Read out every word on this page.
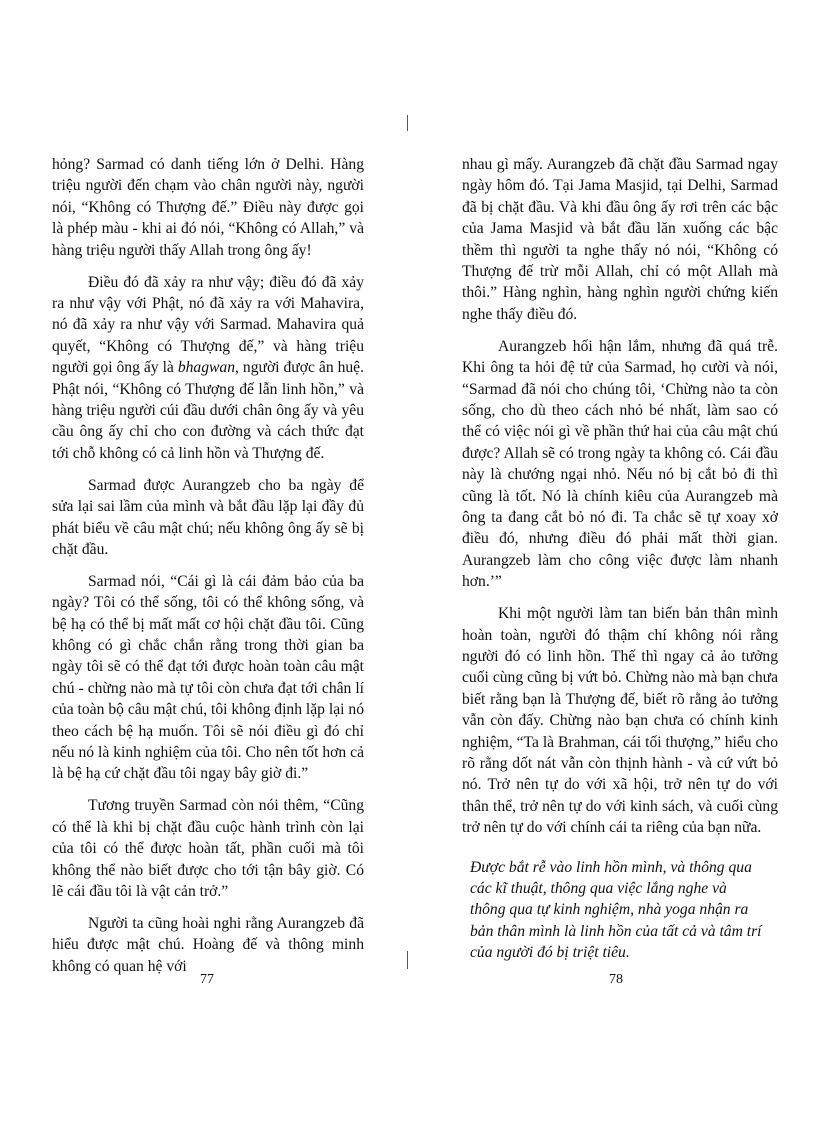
hỏng? Sarmad có danh tiếng lớn ở Delhi. Hàng triệu người đến chạm vào chân người này, người nói, “Không có Thượng đế.” Điều này được gọi là phép màu - khi ai đó nói, “Không có Allah,” và hàng triệu người thấy Allah trong ông ấy!

Điều đó đã xảy ra như vậy; điều đó đã xảy ra như vậy với Phật, nó đã xảy ra với Mahavira, nó đã xảy ra như vậy với Sarmad. Mahavira quả quyết, “Không có Thượng đế,” và hàng triệu người gọi ông ấy là bhagwan, người được ân huệ. Phật nói, “Không có Thượng đế lẫn linh hồn,” và hàng triệu người cúi đầu dưới chân ông ấy và yêu cầu ông ấy chỉ cho con đường và cách thức đạt tới chỗ không có cả linh hồn và Thượng đế.

Sarmad được Aurangzeb cho ba ngày để sửa lại sai lầm của mình và bắt đầu lặp lại đầy đủ phát biểu về câu mật chú; nếu không ông ấy sẽ bị chặt đầu.

Sarmad nói, “Cái gì là cái đảm bảo của ba ngày? Tôi có thể sống, tôi có thể không sống, và bệ hạ có thể bị mất mất cơ hội chặt đầu tôi. Cũng không có gì chắc chắn rằng trong thời gian ba ngày tôi sẽ có thể đạt tới được hoàn toàn câu mật chú - chừng nào mà tự tôi còn chưa đạt tới chân lí của toàn bộ câu mật chú, tôi không định lặp lại nó theo cách bệ hạ muốn. Tôi sẽ nói điều gì đó chỉ nếu nó là kinh nghiệm của tôi. Cho nên tốt hơn cả là bệ hạ cứ chặt đầu tôi ngay bây giờ đi.”

Tương truyền Sarmad còn nói thêm, “Cũng có thể là khi bị chặt đầu cuộc hành trình còn lại của tôi có thể được hoàn tất, phần cuối mà tôi không thể nào biết được cho tới tận bây giờ. Có lẽ cái đầu tôi là vật cản trở.”

Người ta cũng hoài nghi rằng Aurangzeb đã hiểu được mật chú. Hoàng đế và thông minh không có quan hệ với

nhau gì mấy. Aurangzeb đã chặt đầu Sarmad ngay ngày hôm đó. Tại Jama Masjid, tại Delhi, Sarmad đã bị chặt đầu. Và khi đầu ông ấy rơi trên các bậc của Jama Masjid và bắt đầu lăn xuống các bậc thềm thì người ta nghe thấy nó nói, “Không có Thượng đế trừ mỗi Allah, chỉ có một Allah mà thôi.” Hàng nghìn, hàng nghìn người chứng kiến nghe thấy điều đó.

Aurangzeb hối hận lắm, nhưng đã quá trễ. Khi ông ta hỏi đệ tử của Sarmad, họ cười và nói, “Sarmad đã nói cho chúng tôi, ‘Chừng nào ta còn sống, cho dù theo cách nhỏ bé nhất, làm sao có thể có việc nói gì về phần thứ hai của câu mật chú được? Allah sẽ có trong ngày ta không có. Cái đầu này là chướng ngại nhỏ. Nếu nó bị cắt bỏ đi thì cũng là tốt. Nó là chính kiêu của Aurangzeb mà ông ta đang cắt bỏ nó đi. Ta chắc sẽ tự xoay xở điều đó, nhưng điều đó phải mất thời gian. Aurangzeb làm cho công việc được làm nhanh hơn.’”

Khi một người làm tan biến bản thân mình hoàn toàn, người đó thậm chí không nói rằng người đó có linh hồn. Thế thì ngay cả ảo tưởng cuối cùng cũng bị vứt bỏ. Chừng nào mà bạn chưa biết rằng bạn là Thượng đế, biết rõ rằng ảo tưởng vẫn còn đấy. Chừng nào bạn chưa có chính kinh nghiệm, “Ta là Brahman, cái tối thượng,” hiểu cho rõ rằng dốt nát vẫn còn thịnh hành - và cứ vứt bỏ nó. Trở nên tự do với xã hội, trở nên tự do với thân thể, trở nên tự do với kinh sách, và cuối cùng trở nên tự do với chính cái ta riêng của bạn nữa.

Được bắt rễ vào linh hồn mình, và thông qua các kĩ thuật, thông qua việc lắng nghe và thông qua tự kinh nghiệm, nhà yoga nhận ra bản thân mình là linh hồn của tất cả và tâm trí của người đó bị triệt tiêu.

77	78
